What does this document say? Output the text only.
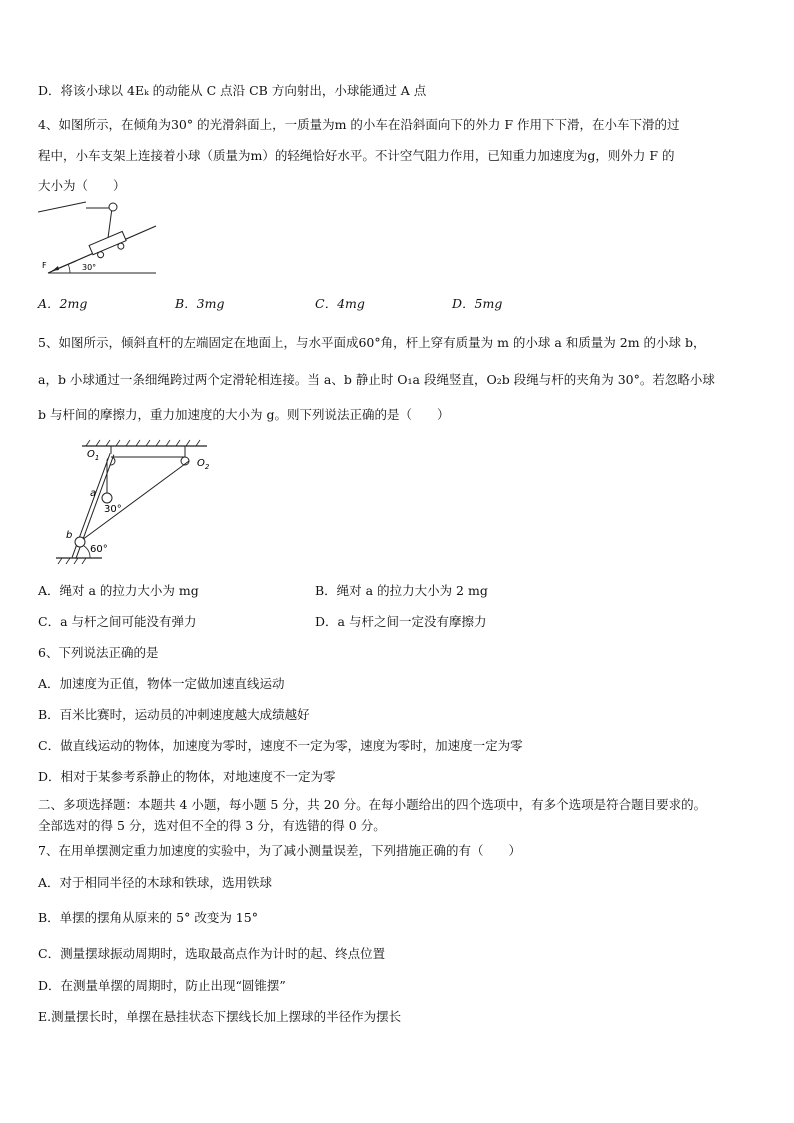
D．将该小球以 4Eₖ 的动能从 C 点沿 CB 方向射出，小球能通过 A 点
4、如图所示，在倾角为30° 的光滑斜面上，一质量为m 的小车在沿斜面向下的外力 F 作用下下滑，在小车下滑的过
程中，小车支架上连接着小球（质量为m）的轻绳恰好水平。不计空气阻力作用，已知重力加速度为g，则外力 F 的
大小为（　　）
F	30°
A．2mg	B．3mg	C．4mg	D．5mg
5、如图所示，倾斜直杆的左端固定在地面上，与水平面成60°角，杆上穿有质量为 m 的小球 a 和质量为 2m 的小球 b，
a，b 小球通过一条细绳跨过两个定滑轮相连接。当 a、b 静止时 O₁a 段绳竖直，O₂b 段绳与杆的夹角为 30°。若忽略小球
b 与杆间的摩擦力，重力加速度的大小为 g。则下列说法正确的是（　　）
$O_1$	$O_2$
a
b
30°
60°
A．绳对 a 的拉力大小为 mg	B．绳对 a 的拉力大小为 2 mg
C．a 与杆之间可能没有弹力	D．a 与杆之间一定没有摩擦力
6、下列说法正确的是
A．加速度为正值，物体一定做加速直线运动
B．百米比赛时，运动员的冲刺速度越大成绩越好
C．做直线运动的物体，加速度为零时，速度不一定为零，速度为零时，加速度一定为零
D．相对于某参考系静止的物体，对地速度不一定为零
二、多项选择题：本题共 4 小题，每小题 5 分，共 20 分。在每小题给出的四个选项中，有多个选项是符合题目要求的。
全部选对的得 5 分，选对但不全的得 3 分，有选错的得 0 分。
7、在用单摆测定重力加速度的实验中，为了减小测量误差，下列措施正确的有（　　）
A．对于相同半径的木球和铁球，选用铁球
B．单摆的摆角从原来的 5° 改变为 15°
C．测量摆球振动周期时，选取最高点作为计时的起、终点位置
D．在测量单摆的周期时，防止出现“圆锥摆”
E.测量摆长时，单摆在悬挂状态下摆线长加上摆球的半径作为摆长
